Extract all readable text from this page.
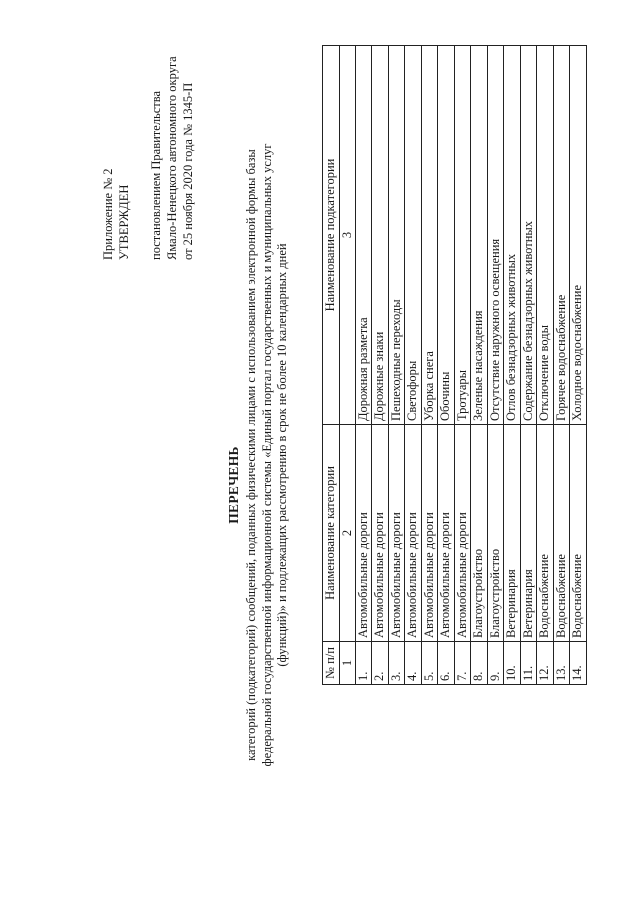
Приложение № 2 УТВЕРЖДЕН постановлением Правительства Ямало-Ненецкого автономного округа от 25 ноября 2020 года № 1345-П
ПЕРЕЧЕНЬ категорий (подкатегорий) сообщений, поданных физическими лицами с использованием электронной формы базы федеральной государственной информационной системы «Единый портал государственных и муниципальных услуг (функций)» и подлежащих рассмотрению в срок не более 10 календарных дней	№ п/п	Наименование категории	Наименование подкатегории
1	2	3
1.	Автомобильные дороги	Дорожная разметка
2.	Автомобильные дороги	Дорожные знаки
3.	Автомобильные дороги	Пешеходные переходы
4.	Автомобильные дороги	Светофоры
5.	Автомобильные дороги	Уборка снега
6.	Автомобильные дороги	Обочины
7.	Автомобильные дороги	Тротуары
8.	Благоустройство	Зеленые насаждения
9.	Благоустройство	Отсутствие наружного освещения
10.	Ветеринария	Отлов безнадзорных животных
11.	Ветеринария	Содержание безнадзорных животных
12.	Водоснабжение	Отключение воды
13.	Водоснабжение	Горячее водоснабжение
14.	Водоснабжение	Холодное водоснабжение
